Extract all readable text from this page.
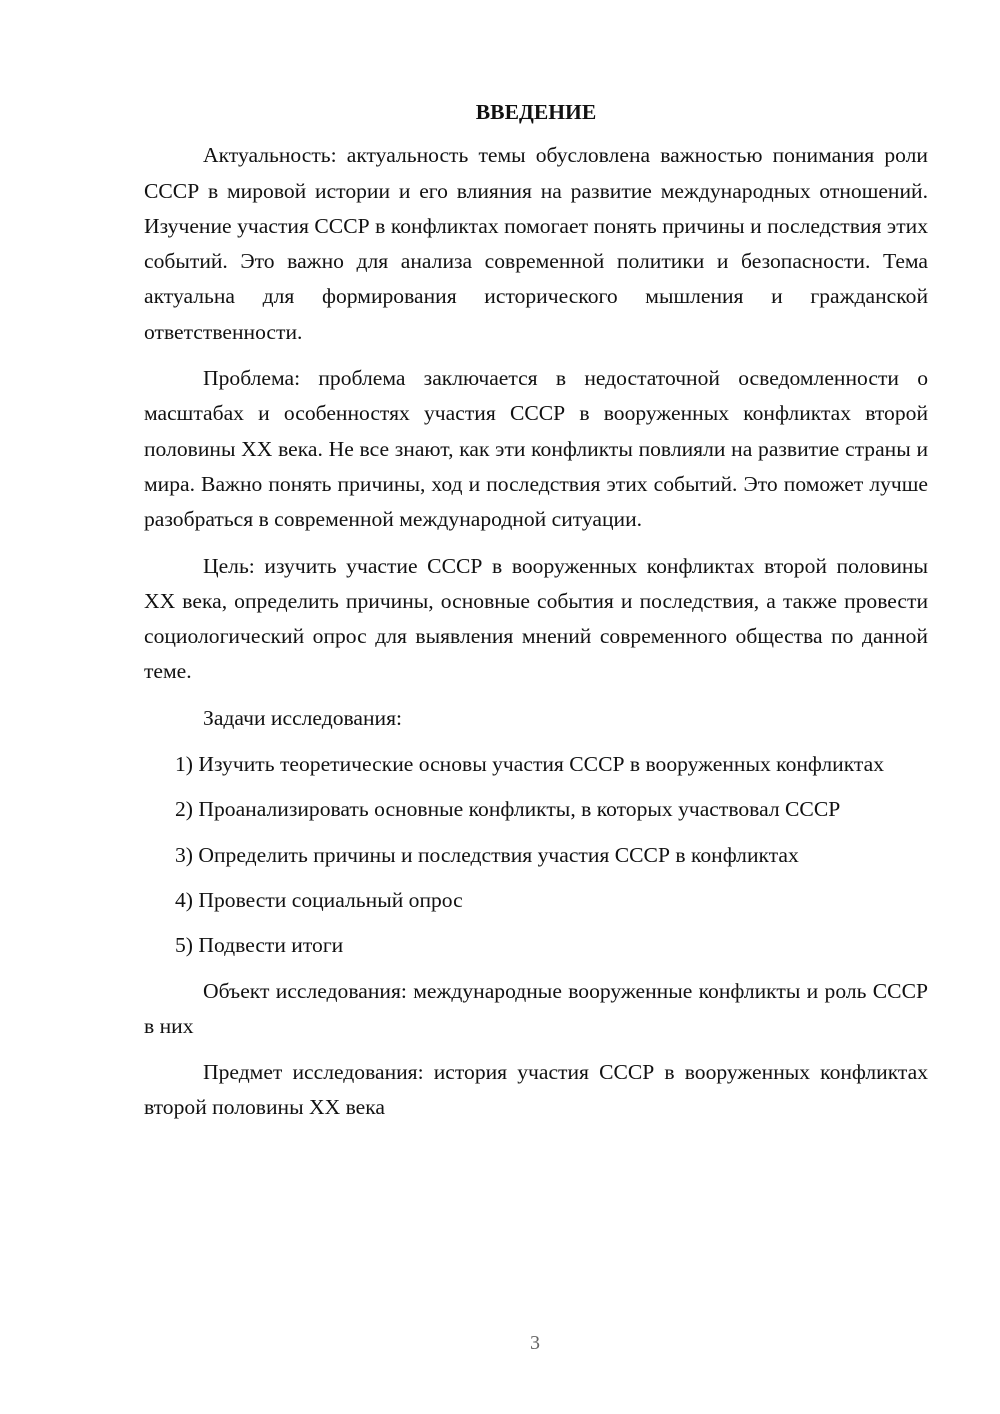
ВВЕДЕНИЕ

Актуальность: актуальность темы обусловлена важностью понимания роли СССР в мировой истории и его влияния на развитие международных отношений. Изучение участия СССР в конфликтах помогает понять причины и последствия этих событий. Это важно для анализа современной политики и безопасности. Тема актуальна для формирования исторического мышления и гражданской ответственности.

Проблема: проблема заключается в недостаточной осведомленности о масштабах и особенностях участия СССР в вооруженных конфликтах второй половины XX века. Не все знают, как эти конфликты повлияли на развитие страны и мира. Важно понять причины, ход и последствия этих событий. Это поможет лучше разобраться в современной международной ситуации.

Цель: изучить участие СССР в вооруженных конфликтах второй половины XX века, определить причины, основные события и последствия, а также провести социологический опрос для выявления мнений современного общества по данной теме.

Задачи исследования:

1) Изучить теоретические основы участия СССР в вооруженных конфликтах

2) Проанализировать основные конфликты, в которых участвовал СССР

3) Определить причины и последствия участия СССР в конфликтах

4) Провести социальный опрос

5) Подвести итоги

Объект исследования: международные вооруженные конфликты и роль СССР в них

Предмет исследования: история участия СССР в вооруженных конфликтах второй половины XX века

3
